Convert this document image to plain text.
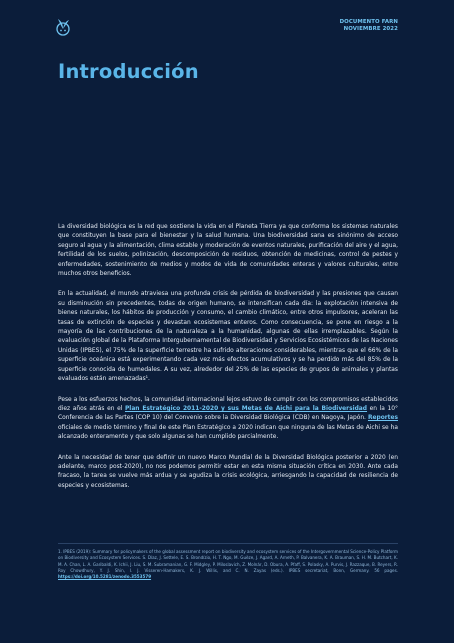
DOCUMENTO FARN
NOVIEMBRE 2022
Introducción

La diversidad biológica es la red que sostiene la vida en el Planeta Tierra ya que conforma los sistemas naturales que constituyen la base para el bienestar y la salud humana. Una biodiversidad sana es sinónimo de acceso seguro al agua y la alimentación, clima estable y moderación de eventos naturales, purificación del aire y el agua, fertilidad de los suelos, polinización, descomposición de residuos, obtención de medicinas, control de pestes y enfermedades, sostenimiento de medios y modos de vida de comunidades enteras y valores culturales, entre muchos otros beneficios.

En la actualidad, el mundo atraviesa una profunda crisis de pérdida de biodiversidad y las presiones que causan su disminución sin precedentes, todas de origen humano, se intensifican cada día: la explotación intensiva de bienes naturales, los hábitos de producción y consumo, el cambio climático, entre otros impulsores, aceleran las tasas de extinción de especies y devastan ecosistemas enteros. Como consecuencia, se pone en riesgo a la mayoría de las contribuciones de la naturaleza a la humanidad, algunas de ellas irremplazables. Según la evaluación global de la Plataforma Intergubernamental de Biodiversidad y Servicios Ecosistémicos de las Naciones Unidas (IPBES), el 75% de la superficie terrestre ha sufrido alteraciones considerables, mientras que el 66% de la superficie oceánica está experimentando cada vez más efectos acumulativos y se ha perdido más del 85% de la superficie conocida de humedales. A su vez, alrededor del 25% de las especies de grupos de animales y plantas evaluados están amenazadas¹.

Pese a los esfuerzos hechos, la comunidad internacional lejos estuvo de cumplir con los compromisos establecidos diez años atrás en el Plan Estratégico 2011-2020 y sus Metas de Aichi para la Biodiversidad en la 10° Conferencia de las Partes (COP 10) del Convenio sobre la Diversidad Biológica (CDB) en Nagoya, Japón. Reportes oficiales de medio término y final de este Plan Estratégico a 2020 indican que ninguna de las Metas de Aichi se ha alcanzado enteramente y que solo algunas se han cumplido parcialmente.

Ante la necesidad de tener que definir un nuevo Marco Mundial de la Diversidad Biológica posterior a 2020 (en adelante, marco post-2020), no nos podemos permitir estar en esta misma situación crítica en 2030. Ante cada fracaso, la tarea se vuelve más ardua y se agudiza la crisis ecológica, arriesgando la capacidad de resiliencia de especies y ecosistemas.

1. IPBES (2019): Summary for policymakers of the global assessment report on biodiversity and ecosystem services of the Intergovernmental Science-Policy Platform on Biodiversity and Ecosystem Services. S. Díaz, J. Settele, E. S. Brondízio, H. T. Ngo, M. Guèze, J. Agard, A. Arneth, P. Balvanera, K. A. Brauman, S. H. M. Butchart, K. M. A. Chan, L. A. Garibaldi, K. Ichii, J. Liu, S. M. Subramanian, G. F. Midgley, P. Miloslavich, Z. Molnár, D. Obura, A. Pfaff, S. Polasky, A. Purvis, J. Razzaque, B. Reyers, R. Roy Chowdhury, Y. J. Shin, I. J. Visseren-Hamakers, K. J. Willis, and C. N. Zayas (eds.). IPBES secretariat, Bonn, Germany. 56 pages. https://doi.org/10.5281/zenodo.3553579
